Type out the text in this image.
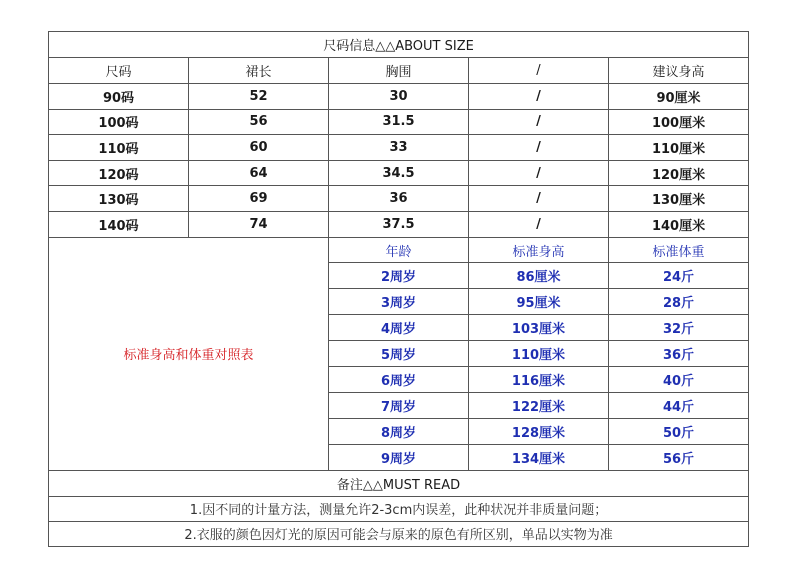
尺码信息△△ABOUT SIZE				
尺码	裙长	胸围	/	建议身高
90码	52	30	/	90厘米
100码	56	31.5	/	100厘米
110码	60	33	/	110厘米
120码	64	34.5	/	120厘米
130码	69	36	/	130厘米
140码	74	37.5	/	140厘米
标准身高和体重对照表		年龄	标准身高	标准体重
		2周岁	86厘米	24斤
		3周岁	95厘米	28斤
		4周岁	103厘米	32斤
		5周岁	110厘米	36斤
		6周岁	116厘米	40斤
		7周岁	122厘米	44斤
		8周岁	128厘米	50斤
		9周岁	134厘米	56斤
备注△△MUST READ				
1.因不同的计量方法，测量允许2-3cm内误差，此种状况并非质量问题；				
2.衣服的颜色因灯光的原因可能会与原来的原色有所区别，单品以实物为准				
